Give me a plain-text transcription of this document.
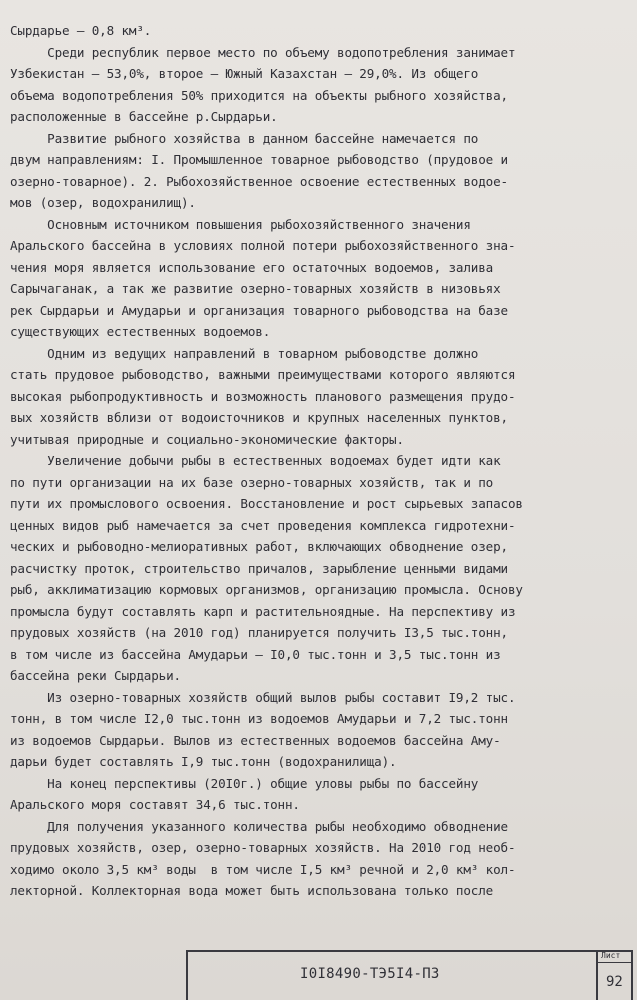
Сырдарье – 0,8 км³.
Среди республик первое место по объему водопотребления занимает
Узбекистан – 53,0%, второе – Южный Казахстан – 29,0%. Из общего
объема водопотребления 50% приходится на объекты рыбного хозяйства,
расположенные в бассейне р.Сырдарьи.
Развитие рыбного хозяйства в данном бассейне намечается по
двум направлениям: I. Промышленное товарное рыбоводство (прудовое и
озерно-товарное). 2. Рыбохозяйственное освоение естественных водое-
мов (озер, водохранилищ).
Основным источником повышения рыбохозяйственного значения
Аральского бассейна в условиях полной потери рыбохозяйственного зна-
чения моря является использование его остаточных водоемов, залива
Сарычаганак, а так же развитие озерно-товарных хозяйств в низовьях
рек Сырдарьи и Амударьи и организация товарного рыбоводства на базе
существующих естественных водоемов.
Одним из ведущих направлений в товарном рыбоводстве должно
стать прудовое рыбоводство, важными преимуществами которого являются
высокая рыбопродуктивность и возможность планового размещения прудо-
вых хозяйств вблизи от водоисточников и крупных населенных пунктов,
учитывая природные и социально-экономические факторы.
Увеличение добычи рыбы в естественных водоемах будет идти как
по пути организации на их базе озерно-товарных хозяйств, так и по
пути их промыслового освоения. Восстановление и рост сырьевых запасов
ценных видов рыб намечается за счет проведения комплекса гидротехни-
ческих и рыбоводно-мелиоративных работ, включающих обводнение озер,
расчистку проток, строительство причалов, зарыбление ценными видами
рыб, акклиматизацию кормовых организмов, организацию промысла. Основу
промысла будут составлять карп и растительноядные. На перспективу из
прудовых хозяйств (на 2010 год) планируется получить I3,5 тыс.тонн,
в том числе из бассейна Амударьи – I0,0 тыс.тонн и 3,5 тыс.тонн из
бассейна реки Сырдарьи.
Из озерно-товарных хозяйств общий вылов рыбы составит I9,2 тыс.
тонн, в том числе I2,0 тыс.тонн из водоемов Амударьи и 7,2 тыс.тонн
из водоемов Сырдарьи. Вылов из естественных водоемов бассейна Аму-
дарьи будет составлять I,9 тыс.тонн (водохранилища).
На конец перспективы (20I0г.) общие уловы рыбы по бассейну
Аральского моря составят 34,6 тыс.тонн.
Для получения указанного количества рыбы необходимо обводнение
прудовых хозяйств, озер, озерно-товарных хозяйств. На 2010 год необ-
ходимо около 3,5 км³ воды  в том числе I,5 км³ речной и 2,0 км³ кол-
лекторной. Коллекторная вода может быть использована только после
I0I8490-ТЭ5I4-ПЗ
Лист
92
